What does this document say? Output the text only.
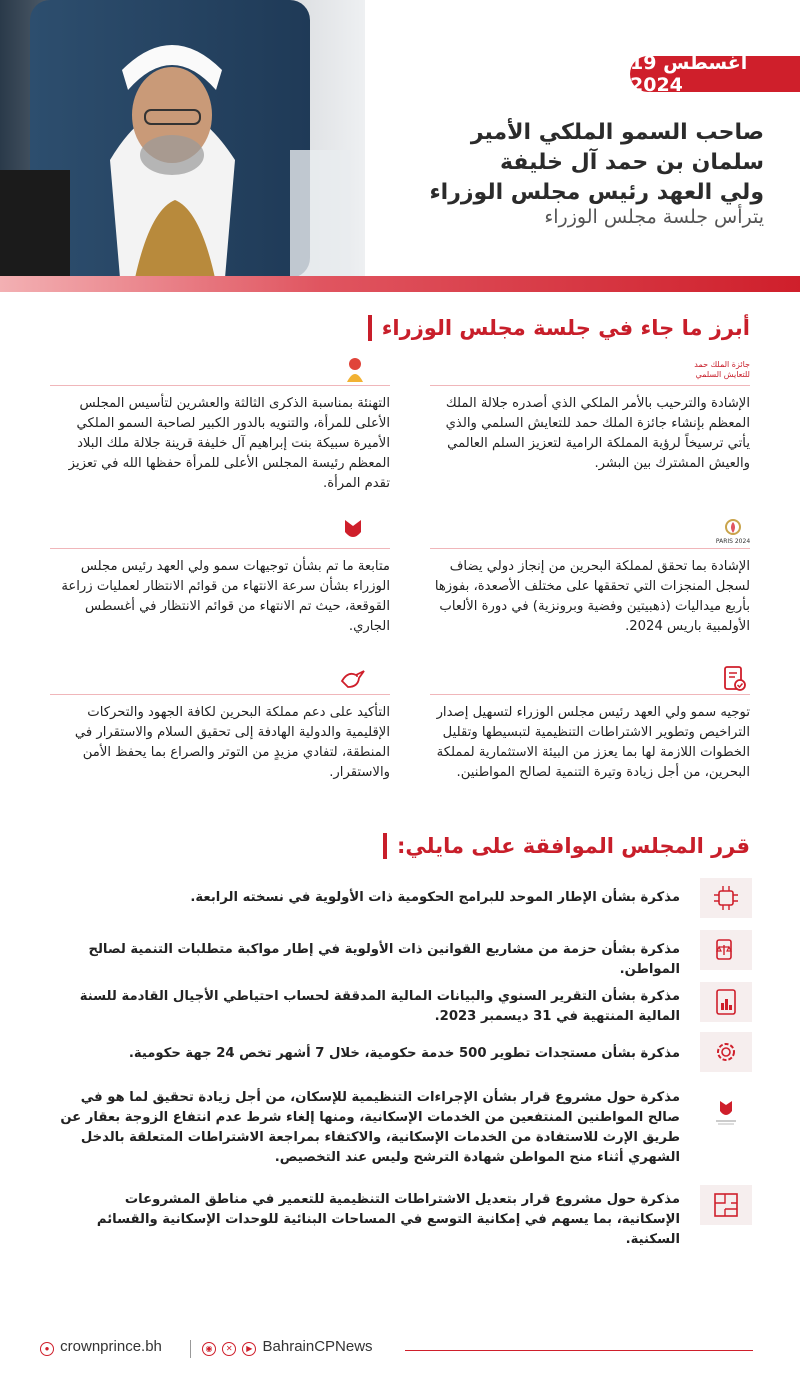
19 أغسطس 2024
صاحب السمو الملكي الأمير
سلمان بن حمد آل خليفة
ولي العهد رئيس مجلس الوزراء
يترأس جلسة مجلس الوزراء
أبرز ما جاء في جلسة مجلس الوزراء
جائزة الملك حمد للتعايش السلمي
الإشادة والترحيب بالأمر الملكي الذي أصدره جلالة الملك المعظم بإنشاء جائزة الملك حمد للتعايش السلمي والذي يأتي ترسيخاً لرؤية المملكة الرامية لتعزيز السلم العالمي والعيش المشترك بين البشر.
التهنئة بمناسبة الذكرى الثالثة والعشرين لتأسيس المجلس الأعلى للمرأة، والتنويه بالدور الكبير لصاحبة السمو الملكي الأميرة سبيكة بنت إبراهيم آل خليفة قرينة جلالة ملك البلاد المعظم رئيسة المجلس الأعلى للمرأة حفظها الله في تعزيز تقدم المرأة.
PARIS 2024
الإشادة بما تحقق لمملكة البحرين من إنجاز دولي يضاف لسجل المنجزات التي تحققها على مختلف الأصعدة، بفوزها بأربع ميداليات (ذهبيتين وفضية وبرونزية) في دورة الألعاب الأولمبية باريس 2024.
متابعة ما تم بشأن توجيهات سمو ولي العهد رئيس مجلس الوزراء بشأن سرعة الانتهاء من قوائم الانتظار لعمليات زراعة القوقعة، حيث تم الانتهاء من قوائم الانتظار في أغسطس الجاري.
توجيه سمو ولي العهد رئيس مجلس الوزراء لتسهيل إصدار التراخيص وتطوير الاشتراطات التنظيمية لتبسيطها وتقليل الخطوات اللازمة لها بما يعزز من البيئة الاستثمارية لمملكة البحرين، من أجل زيادة وتيرة التنمية لصالح المواطنين.
التأكيد على دعم مملكة البحرين لكافة الجهود والتحركات الإقليمية والدولية الهادفة إلى تحقيق السلام والاستقرار في المنطقة، لتفادي مزيدٍ من التوتر والصراع بما يحفظ الأمن والاستقرار.
قرر المجلس الموافقة على مايلي:
مذكرة بشأن الإطار الموحد للبرامج الحكومية ذات الأولوية في نسخته الرابعة.
مذكرة بشأن حزمة من مشاريع القوانين ذات الأولوية في إطار مواكبة متطلبات التنمية لصالح المواطن.
مذكرة بشأن التقرير السنوي والبيانات المالية المدققة لحساب احتياطي الأجيال القادمة للسنة المالية المنتهية في 31 ديسمبر 2023.
مذكرة بشأن مستجدات تطوير 500 خدمة حكومية، خلال 7 أشهر تخص 24 جهة حكومية.
مذكرة حول مشروع قرار بشأن الإجراءات التنظيمية للإسكان، من أجل زيادة تحقيق لما هو في صالح المواطنين المنتفعين من الخدمات الإسكانية، ومنها إلغاء شرط عدم انتفاع الزوجة بعقار عن طريق الإرث للاستفادة من الخدمات الإسكانية، والاكتفاء بمراجعة الاشتراطات المتعلقة بالدخل الشهري أثناء منح المواطن شهادة الترشح وليس عند التخصيص.
مذكرة حول مشروع قرار بتعديل الاشتراطات التنظيمية للتعمير في مناطق المشروعات الإسكانية، بما يسهم في إمكانية التوسع في المساحات البنائية للوحدات الإسكانية والقسائم السكنية.
● crownprince.bh	◉ ✕ ▶ BahrainCPNews
